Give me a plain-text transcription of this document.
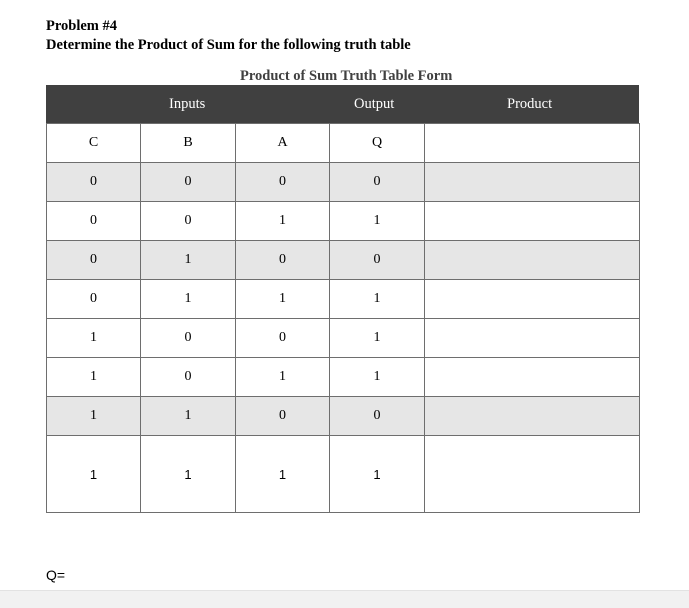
Problem #4
Determine the Product of Sum for the following truth table
Product of Sum Truth Table Form
Inputs	Output	Product
C	B	A	Q	
0	0	0	0	
0	0	1	1	
0	1	0	0	
0	1	1	1	
1	0	0	1	
1	0	1	1	
1	1	0	0	
1	1	1	1	
Q=
